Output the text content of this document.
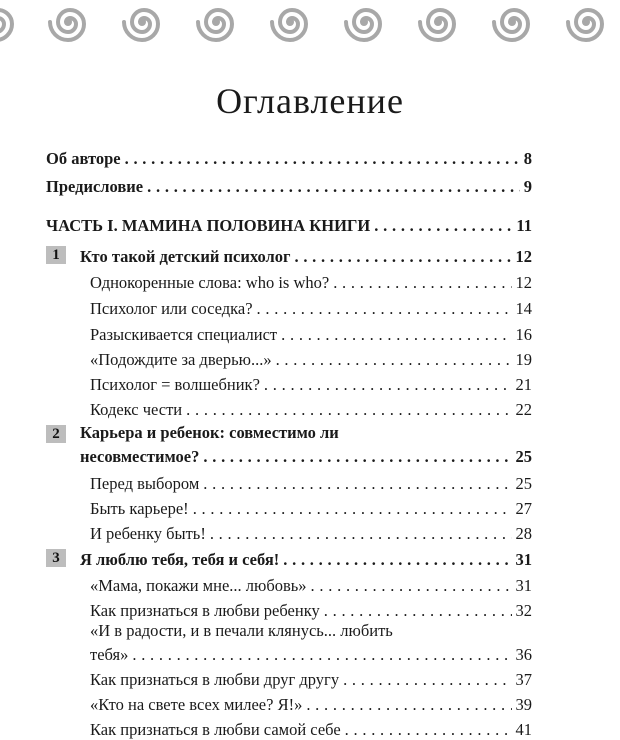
Оглавление
Об авторе . . .	8
Предисловие . . .	9
ЧАСТЬ I. МАМИНА ПОЛОВИНА КНИГИ . . .	11
1	Кто такой детский психолог . . .	12
Однокоренные слова: who is who? . . .	12
Психолог или соседка? . . .	14
Разыскивается специалист . . .	16
«Подождите за дверью...» . . .	19
Психолог = волшебник? . . .	21
Кодекс чести . . .	22
2	Карьера и ребенок: совместимо ли
несовместимое? . . .	25
Перед выбором . . .	25
Быть карьере! . . .	27
И ребенку быть! . . .	28
3	Я люблю тебя, тебя и себя! . . .	31
«Мама, покажи мне... любовь» . . .	31
Как признаться в любви ребенку . . .	32
«И в радости, и в печали клянусь... любить
тебя» . . .	36
Как признаться в любви друг другу . . .	37
«Кто на свете всех милее? Я!» . . .	39
Как признаться в любви самой себе . . .	41
